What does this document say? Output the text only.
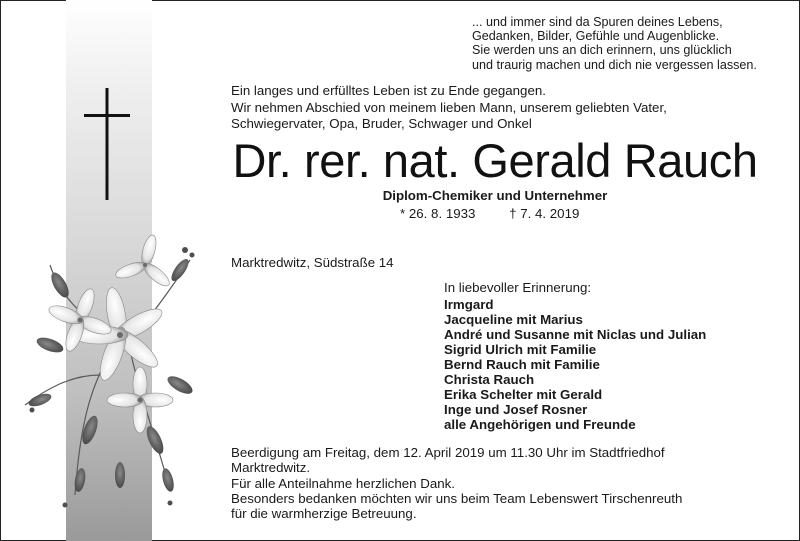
... und immer sind da Spuren deines Lebens,
Gedanken, Bilder, Gefühle und Augenblicke.
Sie werden uns an dich erinnern, uns glücklich
und traurig machen und dich nie vergessen lassen.
Ein langes und erfülltes Leben ist zu Ende gegangen.
Wir nehmen Abschied von meinem lieben Mann, unserem geliebten Vater,
Schwiegervater, Opa, Bruder, Schwager und Onkel
Dr. rer. nat. Gerald Rauch
Diplom-Chemiker und Unternehmer
* 26. 8. 1933	† 7. 4. 2019
Marktredwitz, Südstraße 14
In liebevoller Erinnerung:
Irmgard
Jacqueline mit Marius
André und Susanne mit Niclas und Julian
Sigrid Ulrich mit Familie
Bernd Rauch mit Familie
Christa Rauch
Erika Schelter mit Gerald
Inge und Josef Rosner
alle Angehörigen und Freunde
Beerdigung am Freitag, dem 12. April 2019 um 11.30 Uhr im Stadtfriedhof
Marktredwitz.
Für alle Anteilnahme herzlichen Dank.
Besonders bedanken möchten wir uns beim Team Lebenswert Tirschenreuth
für die warmherzige Betreuung.
